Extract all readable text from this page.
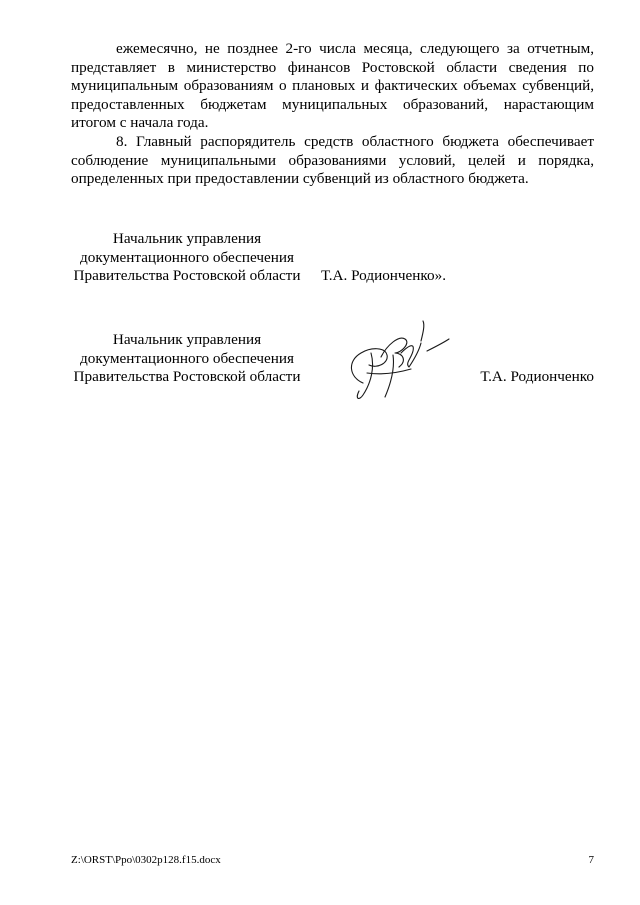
ежемесячно, не позднее 2-го числа месяца, следующего за отчетным, представляет в министерство финансов Ростовской области сведения по муниципальным образованиям о плановых и фактических объемах субвенций, предоставленных бюджетам муниципальных образований, нарастающим итогом с начала года.

8. Главный распорядитель средств областного бюджета обеспечивает соблюдение муниципальными образованиями условий, целей и порядка, определенных при предоставлении субвенций из областного бюджета.

Начальник управления
документационного обеспечения
Правительства Ростовской области Т.А. Родионченко».
Начальник управления
документационного обеспечения
Правительства Ростовской области	Т.А. Родионченко
Z:\ORST\Ppo\0302p128.f15.docx	7
